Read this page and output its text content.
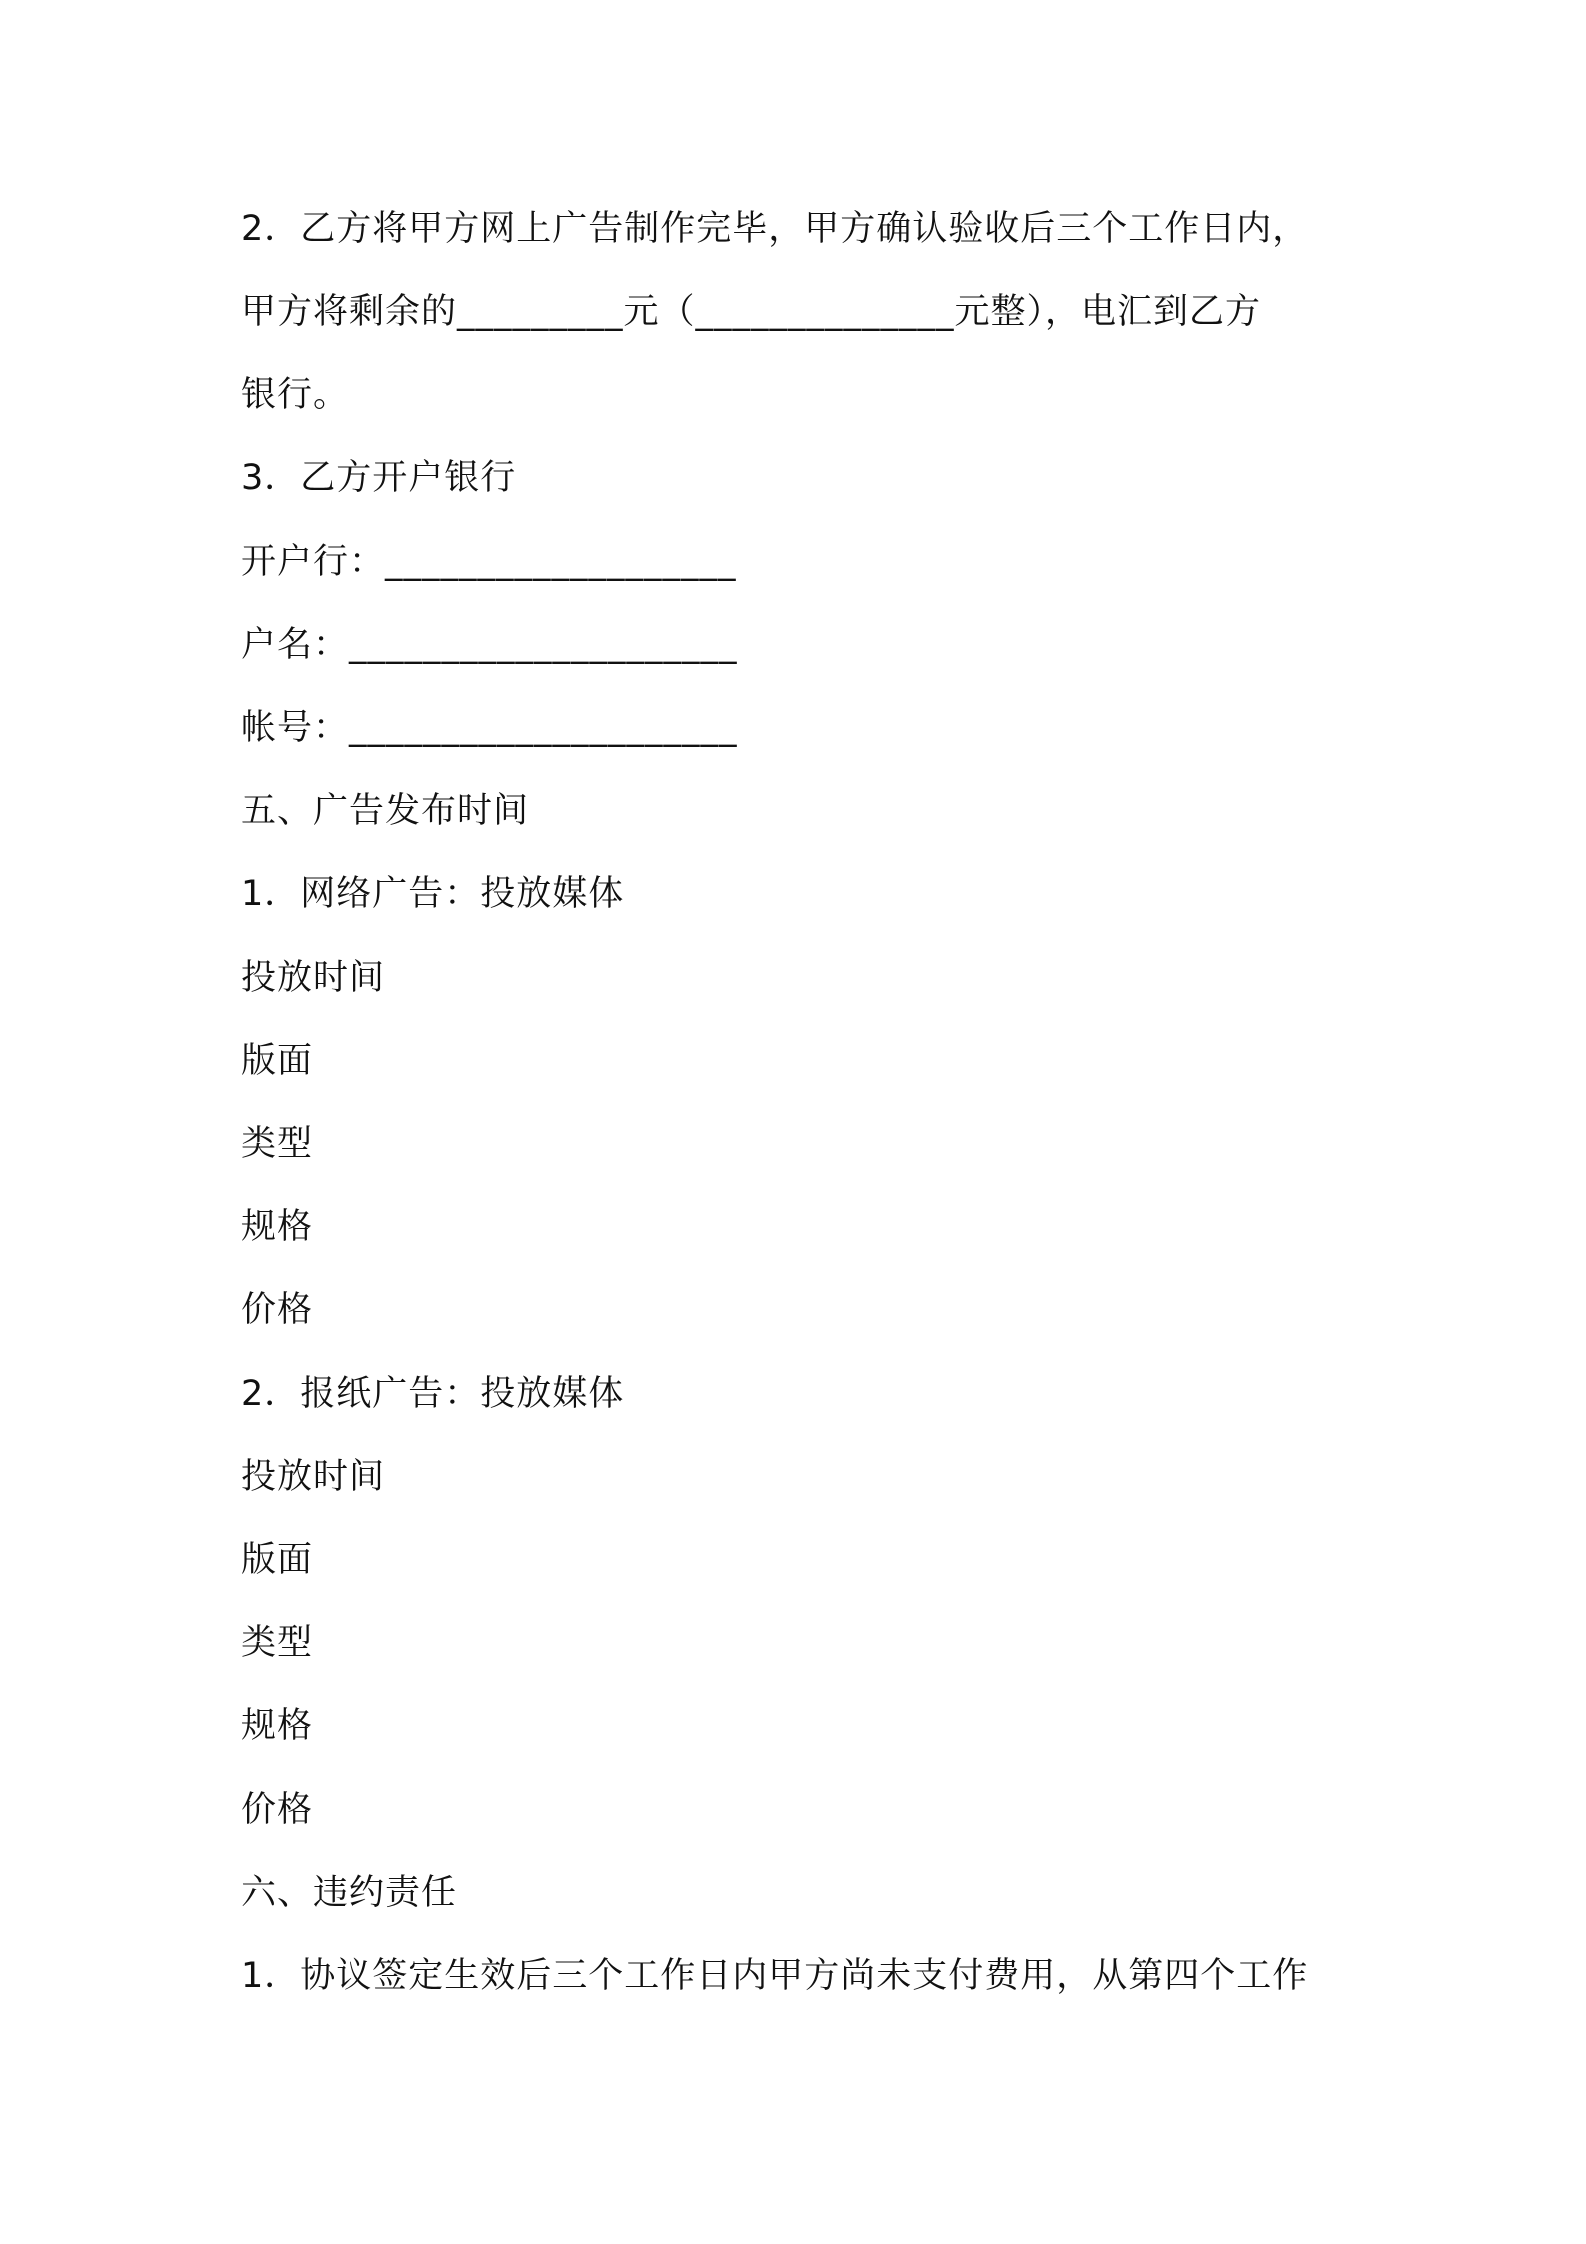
2．乙方将甲方网上广告制作完毕，甲方确认验收后三个工作日内，
甲方将剩余的_________元（______________元整），电汇到乙方
银行。
3．乙方开户银行
开户行：___________________
户名：_____________________
帐号：_____________________
五、广告发布时间
1．网络广告：投放媒体
投放时间
版面
类型
规格
价格
2．报纸广告：投放媒体
投放时间
版面
类型
规格
价格
六、违约责任
1．协议签定生效后三个工作日内甲方尚未支付费用，从第四个工作
